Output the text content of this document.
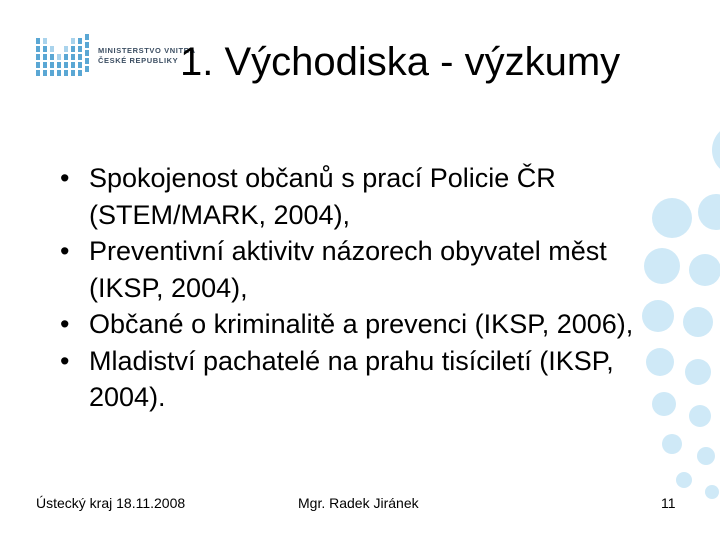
MINISTERSTVO VNITRA
ČESKÉ REPUBLIKY 1. Východiska - výzkumy
• Spokojenost občanů s prací Policie ČR (STEM/MARK, 2004),
• Preventivní aktivitv názorech obyvatel měst (IKSP, 2004),
• Občané o kriminalitě a prevenci (IKSP, 2006),
• Mladiství pachatelé na prahu tisíciletí (IKSP, 2004).
Ústecký kraj 18.11.2008	Mgr. Radek Jiránek	11
